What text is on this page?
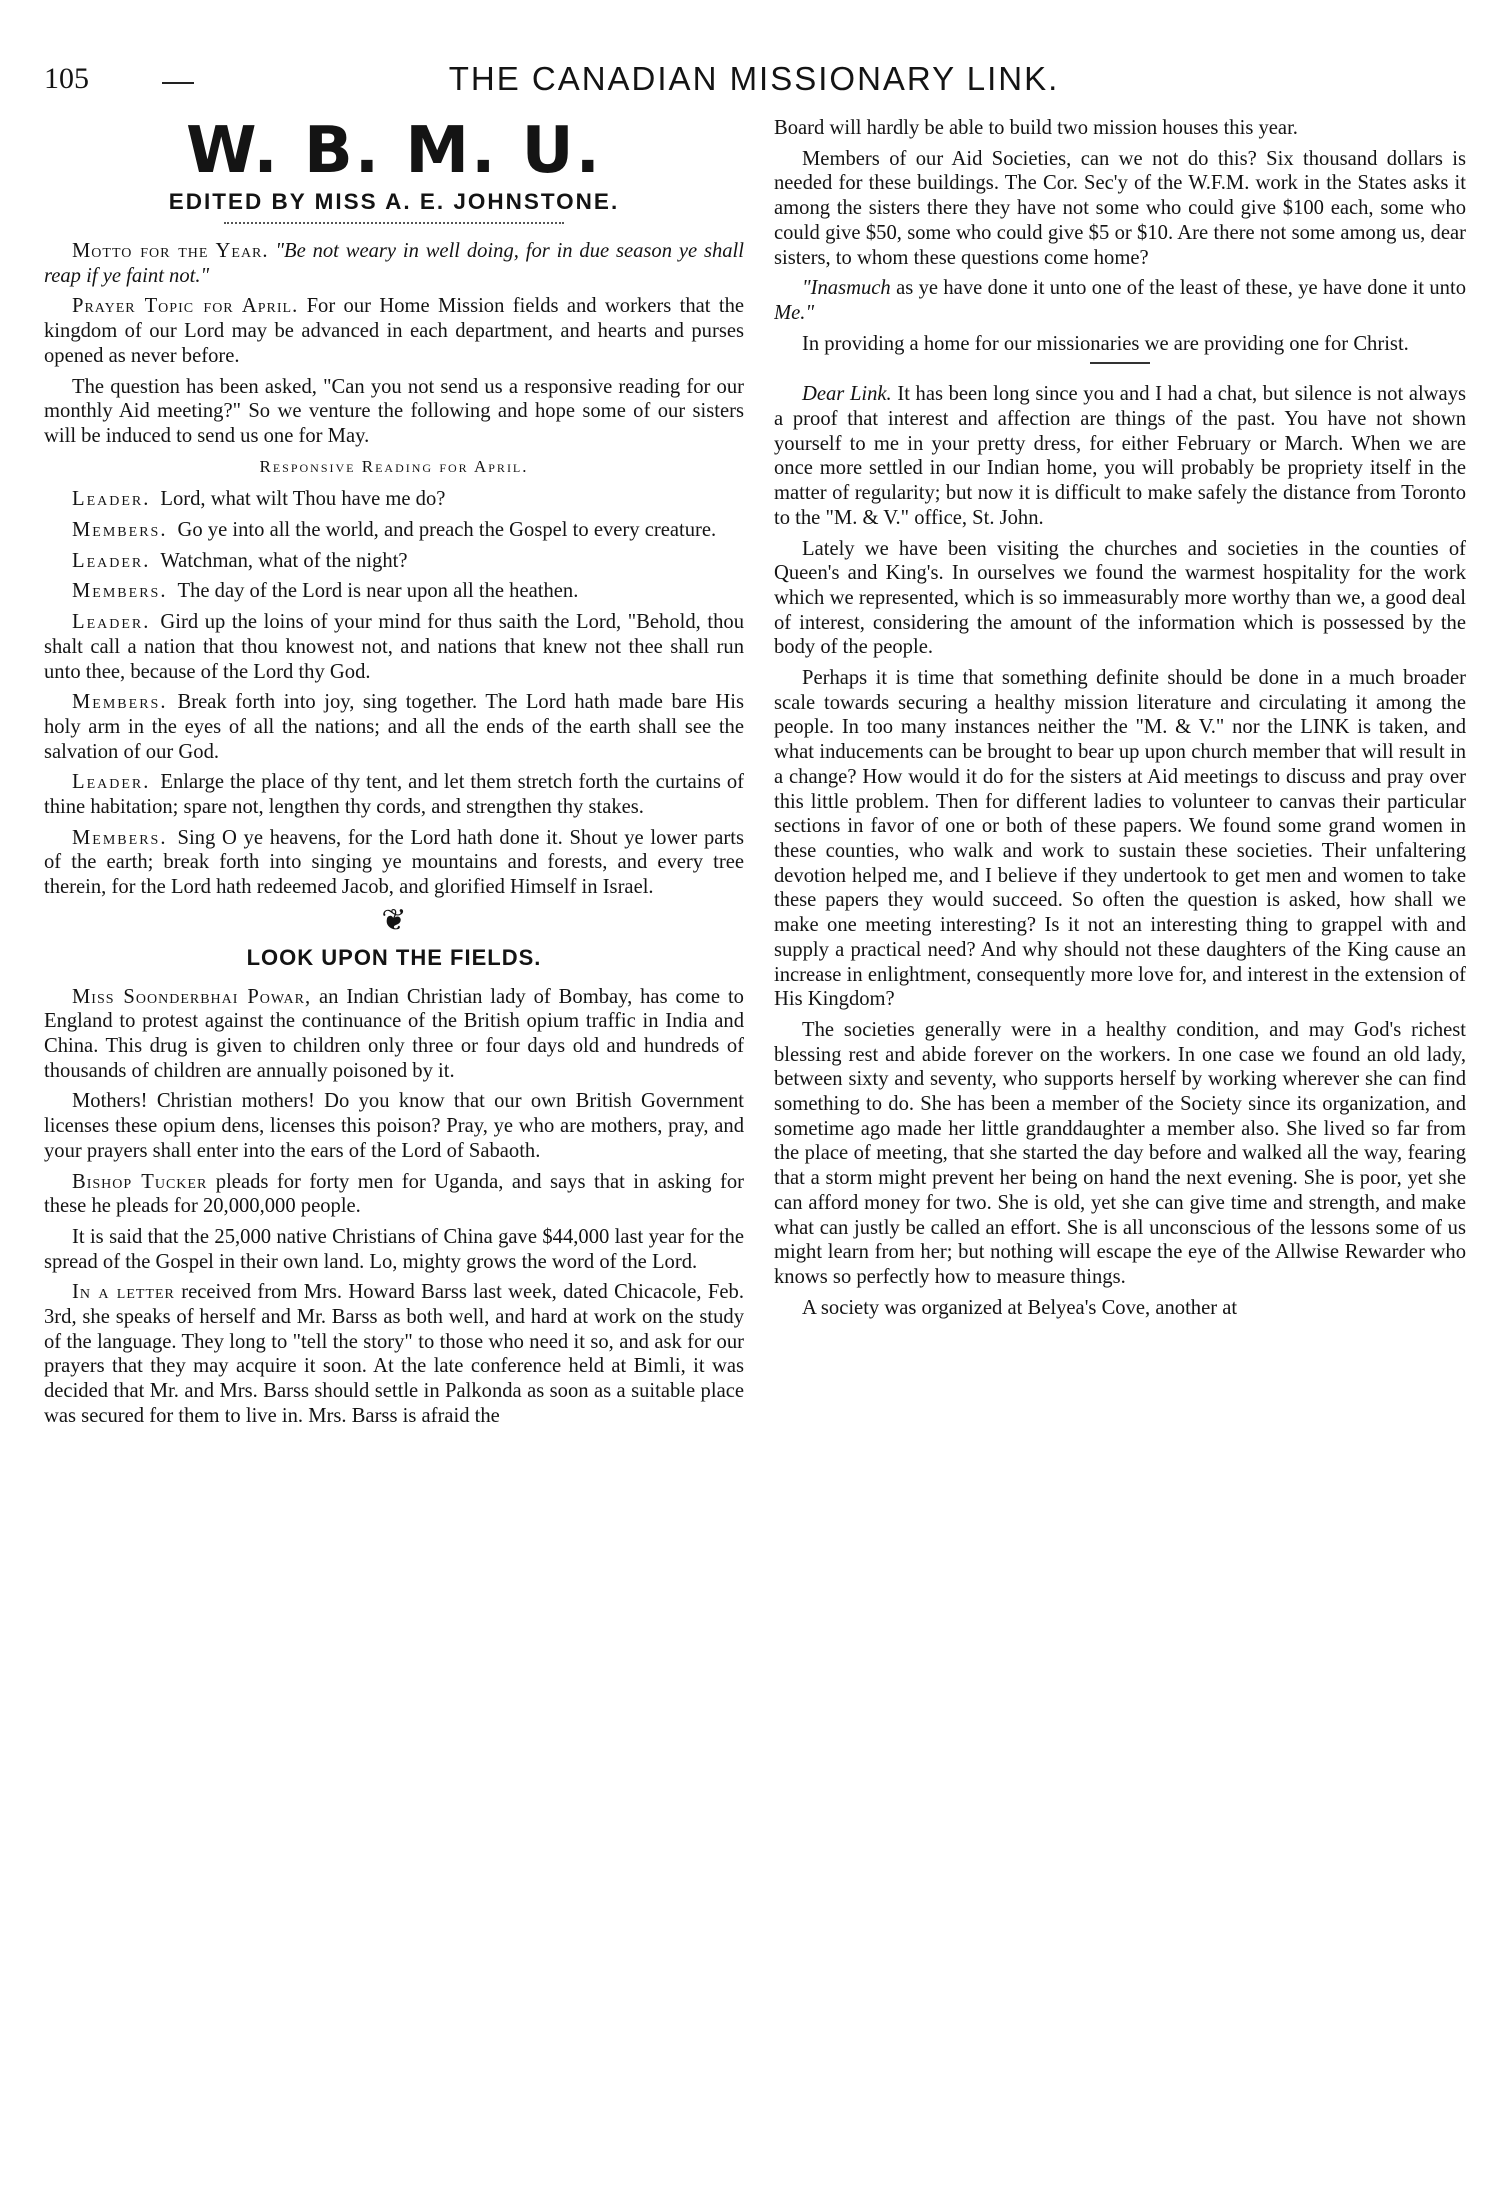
105	THE CANADIAN MISSIONARY LINK.
W. B. M. U.
EDITED BY MISS A. E. JOHNSTONE.

Motto for the Year. "Be not weary in well doing, for in due season ye shall reap if ye faint not."

Prayer Topic for April. For our Home Mission fields and workers that the kingdom of our Lord may be advanced in each department, and hearts and purses opened as never before.

The question has been asked, "Can you not send us a responsive reading for our monthly Aid meeting?" So we venture the following and hope some of our sisters will be induced to send us one for May.

Responsive Reading for April.

Leader. Lord, what wilt Thou have me do?

Members. Go ye into all the world, and preach the Gospel to every creature.

Leader. Watchman, what of the night?

Members. The day of the Lord is near upon all the heathen.

Leader. Gird up the loins of your mind for thus saith the Lord, "Behold, thou shalt call a nation that thou knowest not, and nations that knew not thee shall run unto thee, because of the Lord thy God.

Members. Break forth into joy, sing together. The Lord hath made bare His holy arm in the eyes of all the nations; and all the ends of the earth shall see the salvation of our God.

Leader. Enlarge the place of thy tent, and let them stretch forth the curtains of thine habitation; spare not, lengthen thy cords, and strengthen thy stakes.

Members. Sing O ye heavens, for the Lord hath done it. Shout ye lower parts of the earth; break forth into singing ye mountains and forests, and every tree therein, for the Lord hath redeemed Jacob, and glorified Himself in Israel.

❦
LOOK UPON THE FIELDS.

Miss Soonderbhai Powar, an Indian Christian lady of Bombay, has come to England to protest against the continuance of the British opium traffic in India and China. This drug is given to children only three or four days old and hundreds of thousands of children are annually poisoned by it.

Mothers! Christian mothers! Do you know that our own British Government licenses these opium dens, licenses this poison? Pray, ye who are mothers, pray, and your prayers shall enter into the ears of the Lord of Sabaoth.

Bishop Tucker pleads for forty men for Uganda, and says that in asking for these he pleads for 20,000,000 people.

It is said that the 25,000 native Christians of China gave $44,000 last year for the spread of the Gospel in their own land. Lo, mighty grows the word of the Lord.

In a letter received from Mrs. Howard Barss last week, dated Chicacole, Feb. 3rd, she speaks of herself and Mr. Barss as both well, and hard at work on the study of the language. They long to "tell the story" to those who need it so, and ask for our prayers that they may acquire it soon. At the late conference held at Bimli, it was decided that Mr. and Mrs. Barss should settle in Palkonda as soon as a suitable place was secured for them to live in. Mrs. Barss is afraid the

Board will hardly be able to build two mission houses this year.

Members of our Aid Societies, can we not do this? Six thousand dollars is needed for these buildings. The Cor. Sec'y of the W.F.M. work in the States asks it among the sisters there they have not some who could give $100 each, some who could give $50, some who could give $5 or $10. Are there not some among us, dear sisters, to whom these questions come home?

"Inasmuch as ye have done it unto one of the least of these, ye have done it unto Me."

In providing a home for our missionaries we are providing one for Christ.

Dear Link. It has been long since you and I had a chat, but silence is not always a proof that interest and affection are things of the past. You have not shown yourself to me in your pretty dress, for either February or March. When we are once more settled in our Indian home, you will probably be propriety itself in the matter of regularity; but now it is difficult to make safely the distance from Toronto to the "M. & V." office, St. John.

Lately we have been visiting the churches and societies in the counties of Queen's and King's. In ourselves we found the warmest hospitality for the work which we represented, which is so immeasurably more worthy than we, a good deal of interest, considering the amount of the information which is possessed by the body of the people.

Perhaps it is time that something definite should be done in a much broader scale towards securing a healthy mission literature and circulating it among the people. In too many instances neither the "M. & V." nor the LINK is taken, and what inducements can be brought to bear up upon church member that will result in a change? How would it do for the sisters at Aid meetings to discuss and pray over this little problem. Then for different ladies to volunteer to canvas their particular sections in favor of one or both of these papers. We found some grand women in these counties, who walk and work to sustain these societies. Their unfaltering devotion helped me, and I believe if they undertook to get men and women to take these papers they would succeed. So often the question is asked, how shall we make one meeting interesting? Is it not an interesting thing to grappel with and supply a practical need? And why should not these daughters of the King cause an increase in enlightment, consequently more love for, and interest in the extension of His Kingdom?

The societies generally were in a healthy condition, and may God's richest blessing rest and abide forever on the workers. In one case we found an old lady, between sixty and seventy, who supports herself by working wherever she can find something to do. She has been a member of the Society since its organization, and sometime ago made her little granddaughter a member also. She lived so far from the place of meeting, that she started the day before and walked all the way, fearing that a storm might prevent her being on hand the next evening. She is poor, yet she can afford money for two. She is old, yet she can give time and strength, and make what can justly be called an effort. She is all unconscious of the lessons some of us might learn from her; but nothing will escape the eye of the Allwise Rewarder who knows so perfectly how to measure things.

A society was organized at Belyea's Cove, another at
